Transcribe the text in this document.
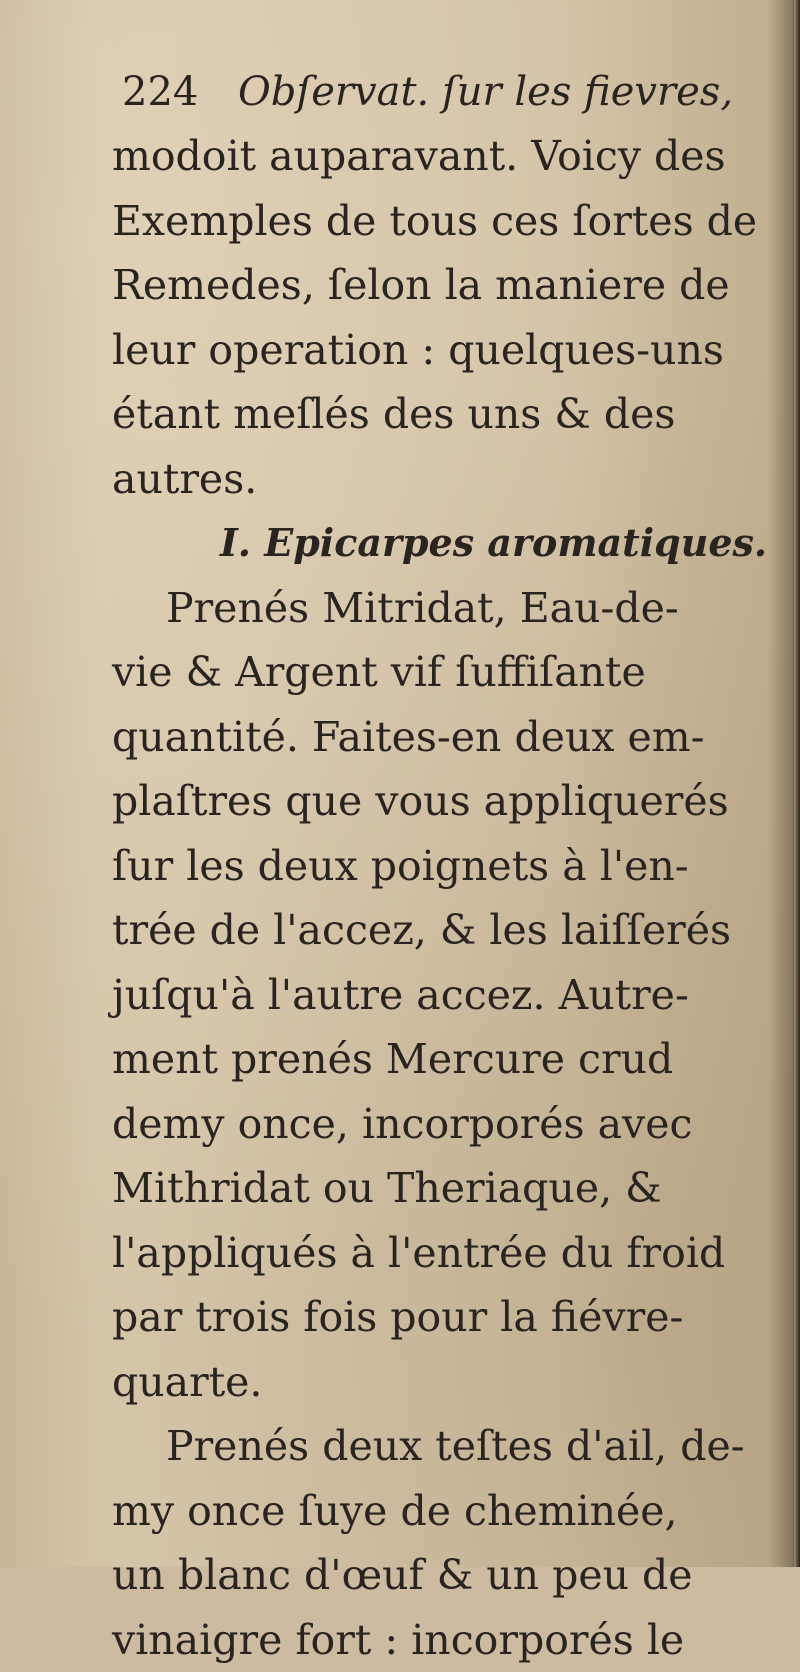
224 Obſervat. ſur les fievres,
modoit auparavant. Voicy des
Exemples de tous ces ſortes de
Remedes, ſelon la maniere de
leur operation : quelques-uns
étant meſlés des uns & des
autres.
I. Epicarpes aromatiques.
Prenés Mitridat, Eau-de-
vie & Argent vif ſuffiſante
quantité. Faites-en deux em-
plaſtres que vous appliquerés
ſur les deux poignets à l'en-
trée de l'accez, & les laiſſerés
juſqu'à l'autre accez. Autre-
ment prenés Mercure crud
demy once, incorporés avec
Mithridat ou Theriaque, &
l'appliqués à l'entrée du froid
par trois fois pour la fiévre-
quarte.
Prenés deux teſtes d'ail, de-
my once ſuye de cheminée,
un blanc d'œuf & un peu de
vinaigre fort : incorporés le
